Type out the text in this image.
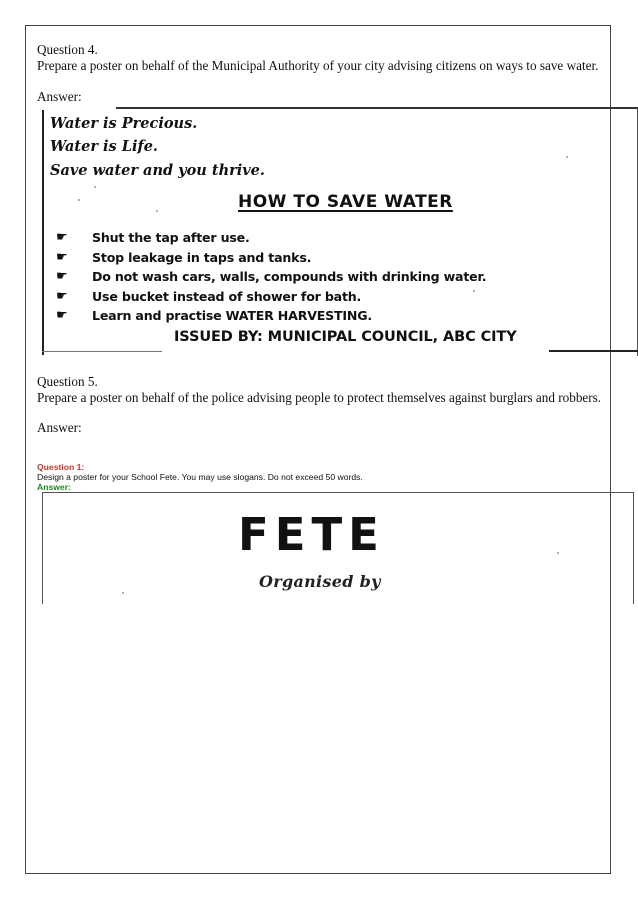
Question 4.
Prepare a poster on behalf of the Municipal Authority of your city advising citizens on ways to save water.
Answer:
Water is Precious.
Water is Life.
Save water and you thrive.
HOW TO SAVE WATER
☛	Shut the tap after use.
☛	Stop leakage in taps and tanks.
☛	Do not wash cars, walls, compounds with drinking water.
☛	Use bucket instead of shower for bath.
☛	Learn and practise WATER HARVESTING.
ISSUED BY: MUNICIPAL COUNCIL, ABC CITY
Question 5.
Prepare a poster on behalf of the police advising people to protect themselves against burglars and robbers.
Answer:
Question 1:
Design a poster for your School Fete. You may use slogans. Do not exceed 50 words.
Answer:
FETE
Organised by
